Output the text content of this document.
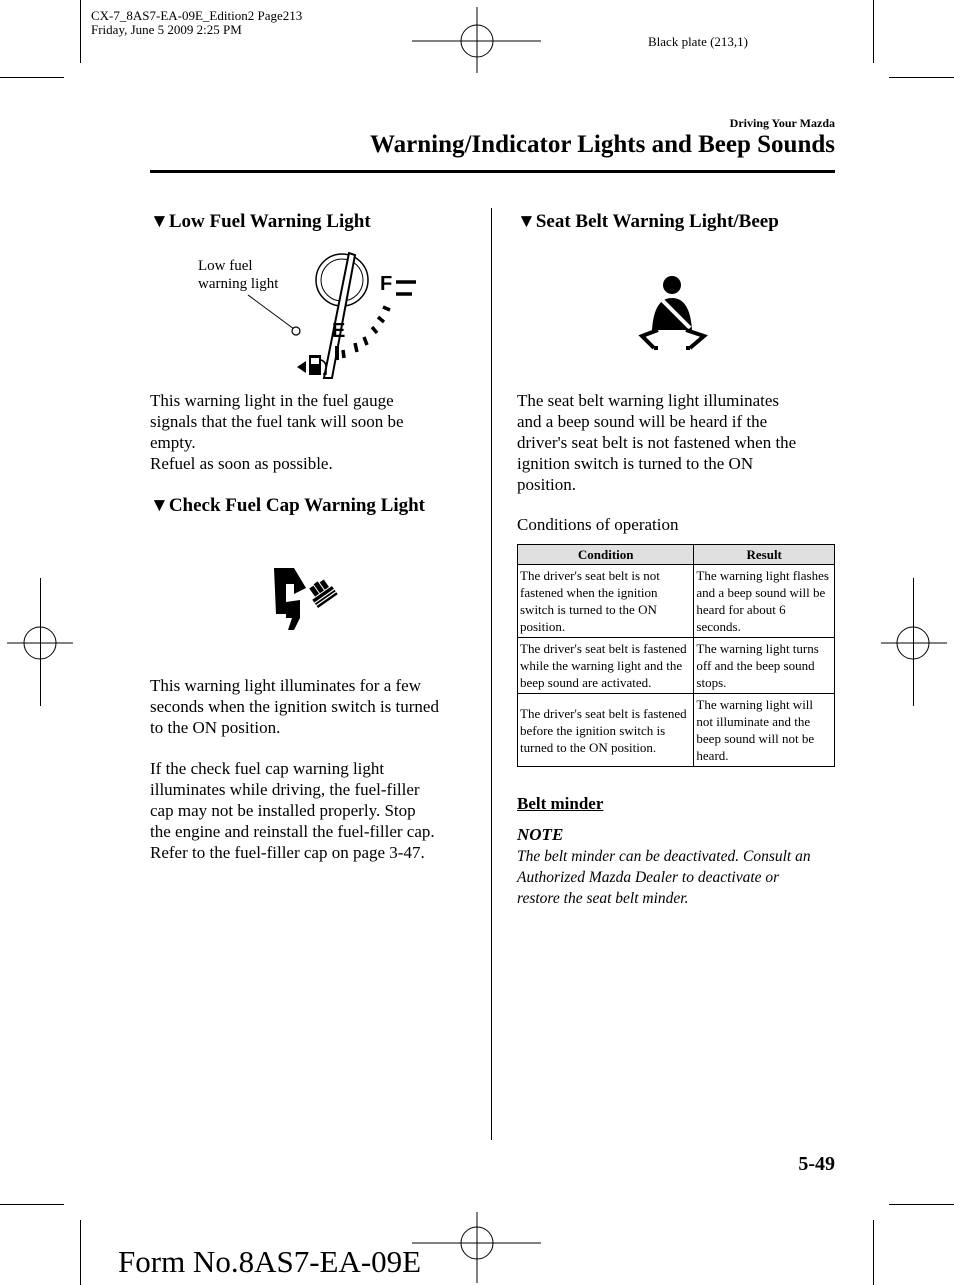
CX-7_8AS7-EA-09E_Edition2 Page213
Friday, June 5 2009 2:25 PM
Black plate (213,1)
Driving Your Mazda
Warning/Indicator Lights and Beep Sounds
▼Low Fuel Warning Light
Low fuel
warning light	F
E
This warning light in the fuel gauge
signals that the fuel tank will soon be
empty.
Refuel as soon as possible.
▼Check Fuel Cap Warning Light
This warning light illuminates for a few
seconds when the ignition switch is turned
to the ON position.
If the check fuel cap warning light
illuminates while driving, the fuel-filler
cap may not be installed properly. Stop
the engine and reinstall the fuel-filler cap.
Refer to the fuel-filler cap on page 3-47.
▼Seat Belt Warning Light/Beep
The seat belt warning light illuminates
and a beep sound will be heard if the
driver's seat belt is not fastened when the
ignition switch is turned to the ON
position.
Conditions of operation
Condition	Result
The driver's seat belt is not fastened when the ignition switch is turned to the ON position.	The warning light flashes and a beep sound will be heard for about 6 seconds.
The driver's seat belt is fastened while the warning light and the beep sound are activated.	The warning light turns off and the beep sound stops.
The driver's seat belt is fastened before the ignition switch is turned to the ON position.	The warning light will not illuminate and the beep sound will not be heard.
Belt minder
NOTE
The belt minder can be deactivated. Consult an
Authorized Mazda Dealer to deactivate or
restore the seat belt minder.
5-49
Form No.8AS7-EA-09E
